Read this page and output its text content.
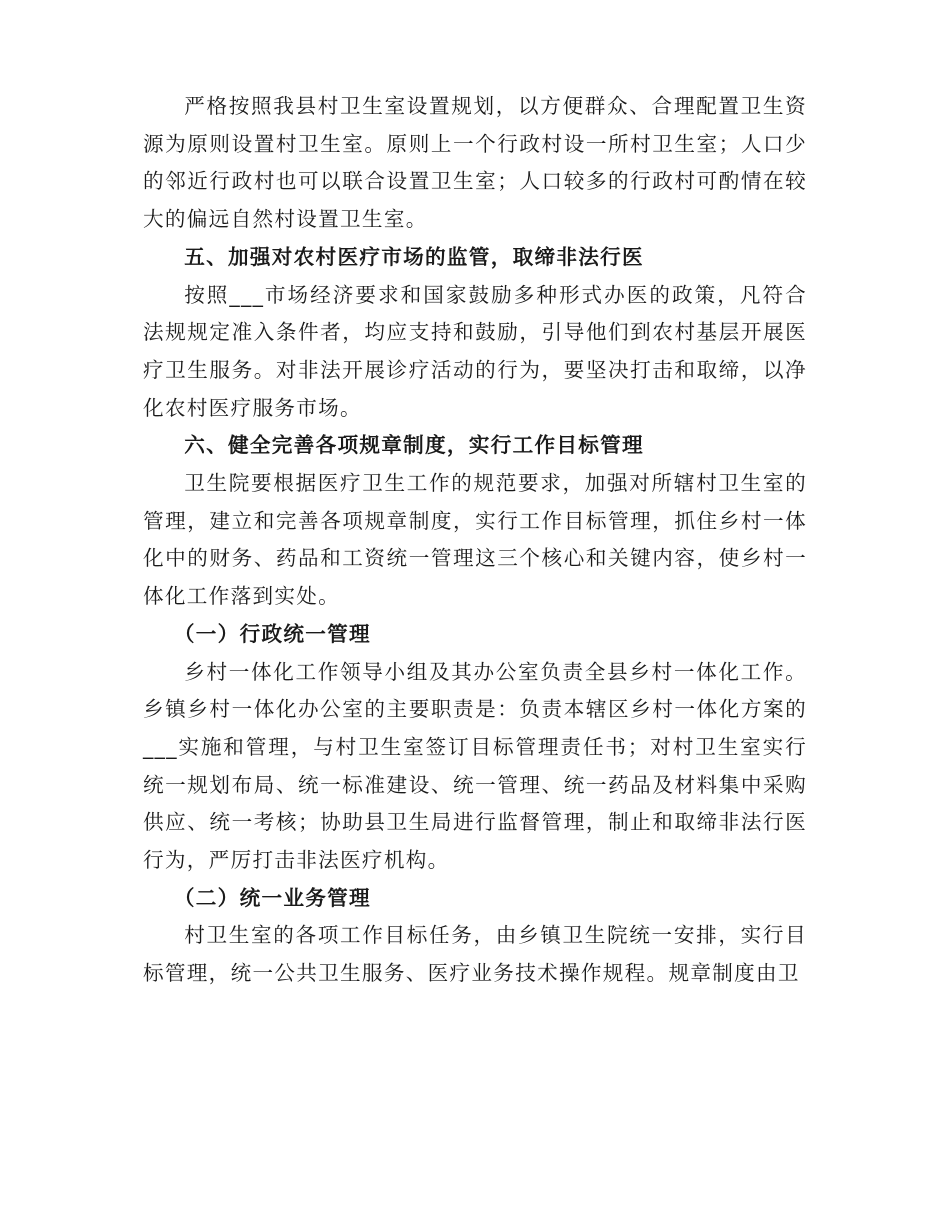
严格按照我县村卫生室设置规划，以方便群众、合理配置卫生资源为原则设置村卫生室。原则上一个行政村设一所村卫生室；人口少的邻近行政村也可以联合设置卫生室；人口较多的行政村可酌情在较大的偏远自然村设置卫生室。

五、加强对农村医疗市场的监管，取缔非法行医

按照___市场经济要求和国家鼓励多种形式办医的政策，凡符合法规规定准入条件者，均应支持和鼓励，引导他们到农村基层开展医疗卫生服务。对非法开展诊疗活动的行为，要坚决打击和取缔，以净化农村医疗服务市场。

六、健全完善各项规章制度，实行工作目标管理

卫生院要根据医疗卫生工作的规范要求，加强对所辖村卫生室的管理，建立和完善各项规章制度，实行工作目标管理，抓住乡村一体化中的财务、药品和工资统一管理这三个核心和关键内容，使乡村一体化工作落到实处。

（一）行政统一管理

乡村一体化工作领导小组及其办公室负责全县乡村一体化工作。乡镇乡村一体化办公室的主要职责是：负责本辖区乡村一体化方案的___实施和管理，与村卫生室签订目标管理责任书；对村卫生室实行统一规划布局、统一标准建设、统一管理、统一药品及材料集中采购供应、统一考核；协助县卫生局进行监督管理，制止和取缔非法行医行为，严厉打击非法医疗机构。

（二）统一业务管理

村卫生室的各项工作目标任务，由乡镇卫生院统一安排，实行目标管理，统一公共卫生服务、医疗业务技术操作规程。规章制度由卫
